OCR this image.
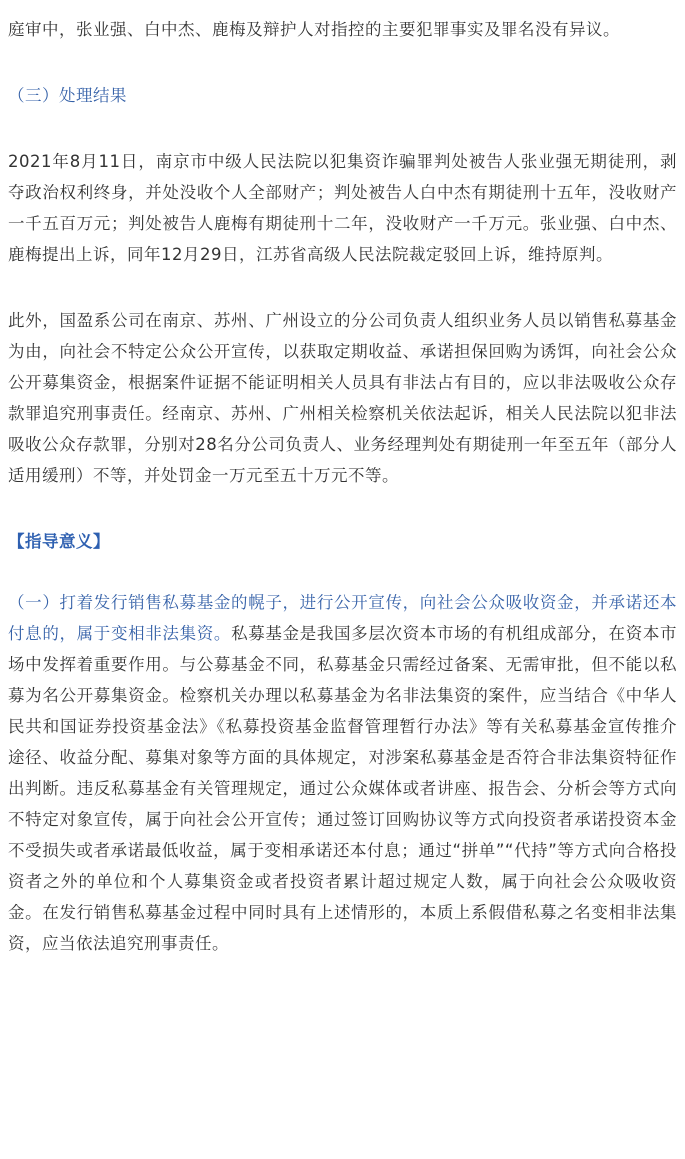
庭审中，张业强、白中杰、鹿梅及辩护人对指控的主要犯罪事实及罪名没有异议。

（三）处理结果

2021年8月11日，南京市中级人民法院以犯集资诈骗罪判处被告人张业强无期徒刑，剥夺政治权利终身，并处没收个人全部财产；判处被告人白中杰有期徒刑十五年，没收财产一千五百万元；判处被告人鹿梅有期徒刑十二年，没收财产一千万元。张业强、白中杰、鹿梅提出上诉，同年12月29日，江苏省高级人民法院裁定驳回上诉，维持原判。

此外，国盈系公司在南京、苏州、广州设立的分公司负责人组织业务人员以销售私募基金为由，向社会不特定公众公开宣传，以获取定期收益、承诺担保回购为诱饵，向社会公众公开募集资金，根据案件证据不能证明相关人员具有非法占有目的，应以非法吸收公众存款罪追究刑事责任。经南京、苏州、广州相关检察机关依法起诉，相关人民法院以犯非法吸收公众存款罪，分别对28名分公司负责人、业务经理判处有期徒刑一年至五年（部分人适用缓刑）不等，并处罚金一万元至五十万元不等。

【指导意义】

（一）打着发行销售私募基金的幌子，进行公开宣传，向社会公众吸收资金，并承诺还本付息的，属于变相非法集资。私募基金是我国多层次资本市场的有机组成部分，在资本市场中发挥着重要作用。与公募基金不同，私募基金只需经过备案、无需审批，但不能以私募为名公开募集资金。检察机关办理以私募基金为名非法集资的案件，应当结合《中华人民共和国证券投资基金法》《私募投资基金监督管理暂行办法》等有关私募基金宣传推介途径、收益分配、募集对象等方面的具体规定，对涉案私募基金是否符合非法集资特征作出判断。违反私募基金有关管理规定，通过公众媒体或者讲座、报告会、分析会等方式向不特定对象宣传，属于向社会公开宣传；通过签订回购协议等方式向投资者承诺投资本金不受损失或者承诺最低收益，属于变相承诺还本付息；通过“拼单”“代持”等方式向合格投资者之外的单位和个人募集资金或者投资者累计超过规定人数，属于向社会公众吸收资金。在发行销售私募基金过程中同时具有上述情形的，本质上系假借私募之名变相非法集资，应当依法追究刑事责任。
